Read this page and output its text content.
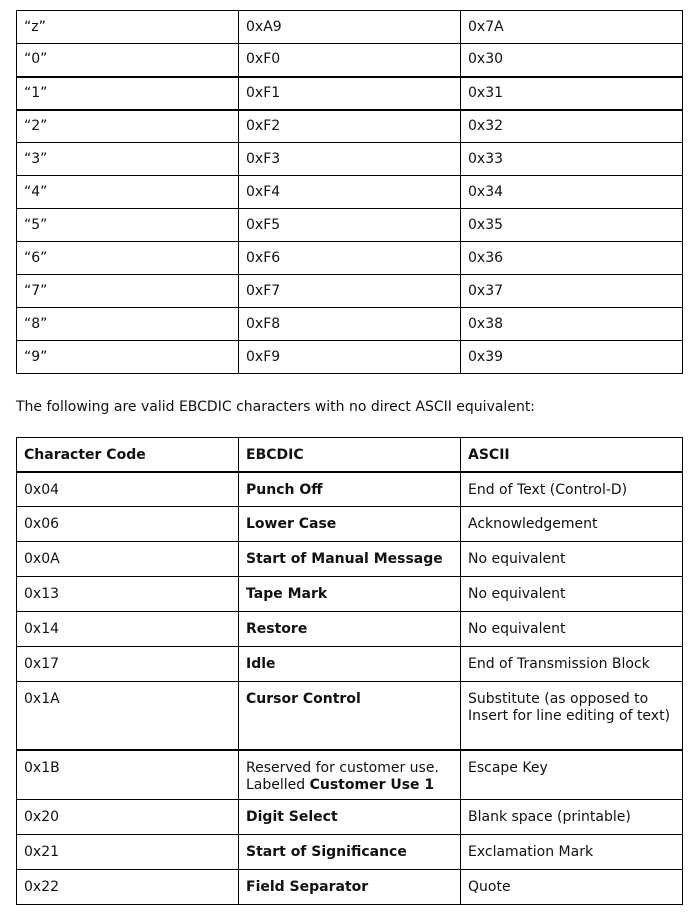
“z”	0xA9	0x7A
“0”	0xF0	0x30
“1”	0xF1	0x31
“2”	0xF2	0x32
“3”	0xF3	0x33
“4”	0xF4	0x34
“5”	0xF5	0x35
“6”	0xF6	0x36
“7”	0xF7	0x37
“8”	0xF8	0x38
“9”	0xF9	0x39

The following are valid EBCDIC characters with no direct ASCII equivalent:

Character Code	EBCDIC	ASCII
0x04	Punch Off	End of Text (Control-D)
0x06	Lower Case	Acknowledgement
0x0A	Start of Manual Message	No equivalent
0x13	Tape Mark	No equivalent
0x14	Restore	No equivalent
0x17	Idle	End of Transmission Block
0x1A	Cursor Control	Substitute (as opposed to Insert for line editing of text)
0x1B	Reserved for customer use. Labelled Customer Use 1	Escape Key
0x20	Digit Select	Blank space (printable)
0x21	Start of Significance	Exclamation Mark
0x22	Field Separator	Quote
